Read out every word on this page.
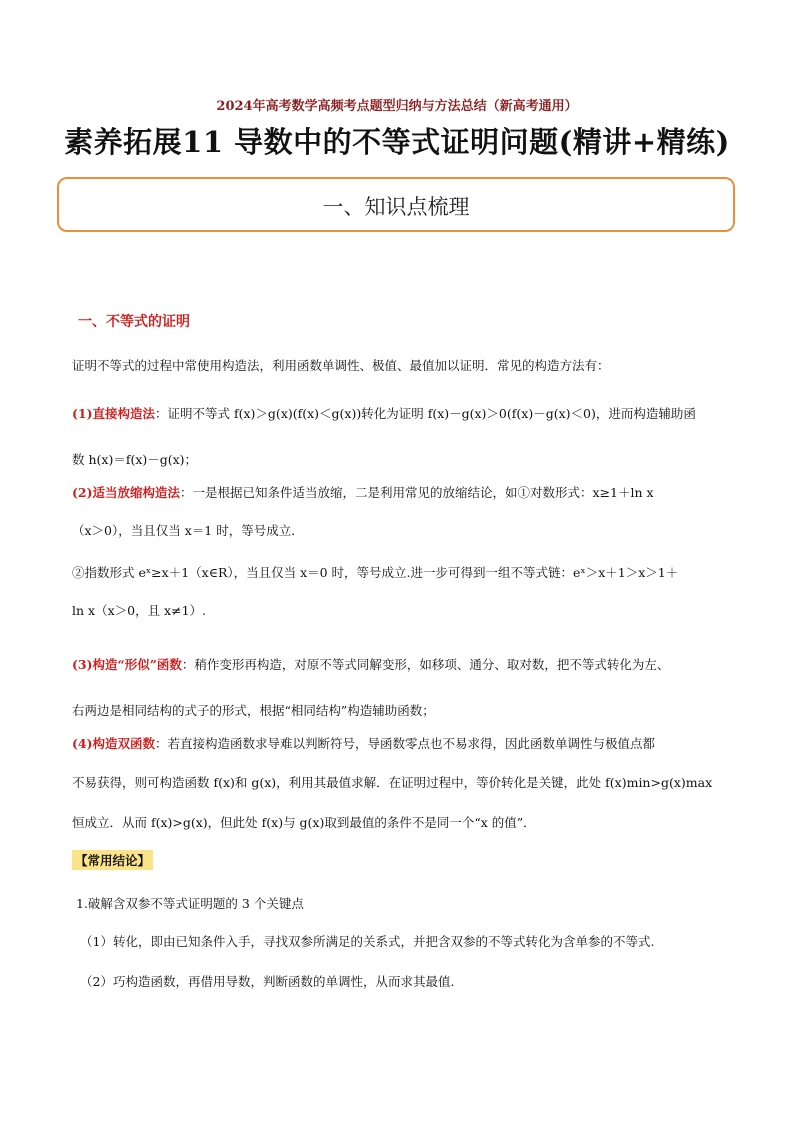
2024年高考数学高频考点题型归纳与方法总结（新高考通用）
素养拓展11 导数中的不等式证明问题(精讲+精练)
一、知识点梳理
一、不等式的证明
证明不等式的过程中常使用构造法，利用函数单调性、极值、最值加以证明．常见的构造方法有：
(1)直接构造法：证明不等式 f(x)＞g(x)(f(x)＜g(x))转化为证明 f(x)－g(x)＞0(f(x)－g(x)＜0)，进而构造辅助函
数 h(x)＝f(x)－g(x)；
(2)适当放缩构造法：一是根据已知条件适当放缩，二是利用常见的放缩结论，如①对数形式：x≥1＋ln x
（x＞0），当且仅当 x＝1 时，等号成立．
②指数形式 eˣ≥x＋1（x∈R），当且仅当 x＝0 时，等号成立.进一步可得到一组不等式链：eˣ＞x＋1＞x＞1＋
ln x（x＞0，且 x≠1）.
(3)构造“形似”函数：稍作变形再构造，对原不等式同解变形，如移项、通分、取对数，把不等式转化为左、
右两边是相同结构的式子的形式，根据“相同结构”构造辅助函数；
(4)构造双函数：若直接构造函数求导难以判断符号，导函数零点也不易求得，因此函数单调性与极值点都
不易获得，则可构造函数 f(x)和 g(x)，利用其最值求解．在证明过程中，等价转化是关键，此处 f(x)min>g(x)max
恒成立．从而 f(x)>g(x)，但此处 f(x)与 g(x)取到最值的条件不是同一个“x 的值”．
【常用结论】
1.破解含双参不等式证明题的 3 个关键点
（1）转化，即由已知条件入手，寻找双参所满足的关系式，并把含双参的不等式转化为含单参的不等式.
（2）巧构造函数，再借用导数，判断函数的单调性，从而求其最值.
